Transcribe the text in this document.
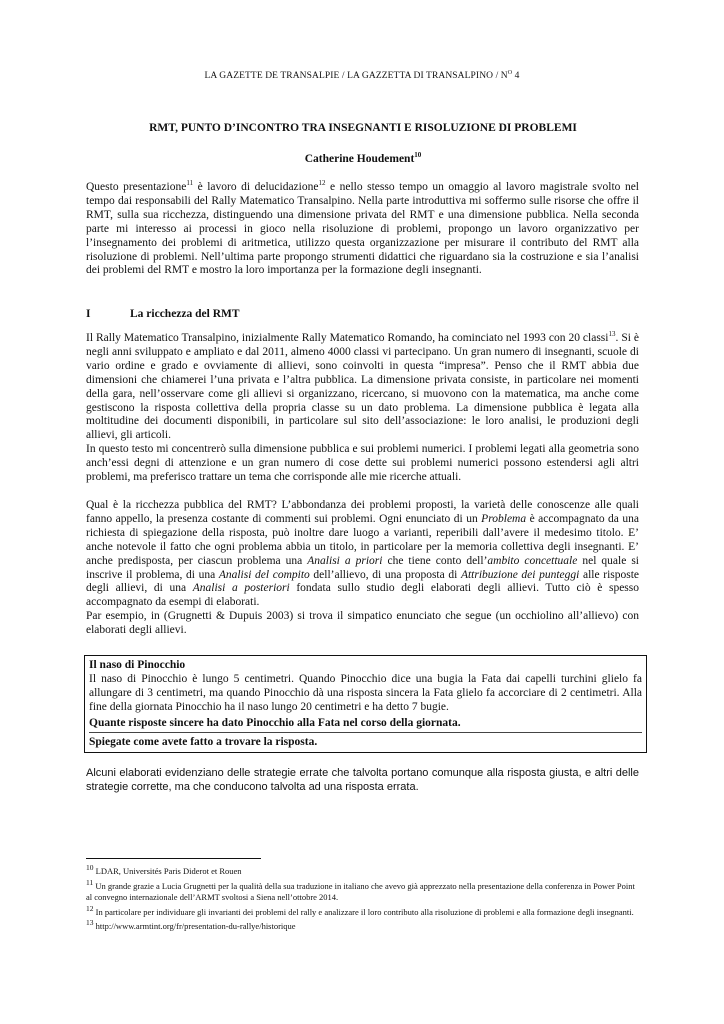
LA GAZETTE DE TRANSALPIE / LA GAZZETTA DI TRANSALPINO / $N^O$ 4
RMT, PUNTO D’INCONTRO TRA INSEGNANTI E RISOLUZIONE DI PROBLEMI
Catherine Houdement$^{10}$

Questo presentazione$^{11}$ è lavoro di delucidazione$^{12}$ e nello stesso tempo un omaggio al lavoro magistrale svolto nel tempo dai responsabili del Rally Matematico Transalpino. Nella parte introduttiva mi soffermo sulle risorse che offre il RMT, sulla sua ricchezza, distinguendo una dimensione privata del RMT e una dimensione pubblica. Nella seconda parte mi interesso ai processi in gioco nella risoluzione di problemi, propongo un lavoro organizzativo per l’insegnamento dei problemi di aritmetica, utilizzo questa organizzazione per misurare il contributo del RMT alla risoluzione di problemi. Nell’ultima parte propongo strumenti didattici che riguardano sia la costruzione e sia l’analisi dei problemi del RMT e mostro la loro importanza per la formazione degli insegnanti.

I	La ricchezza del RMT

Il Rally Matematico Transalpino, inizialmente Rally Matematico Romando, ha cominciato nel 1993 con 20 classi$^{13}$. Si è negli anni sviluppato e ampliato e dal 2011, almeno 4000 classi vi partecipano. Un gran numero di insegnanti, scuole di vario ordine e grado e ovviamente di allievi, sono coinvolti in questa “impresa”. Penso che il RMT abbia due dimensioni che chiamerei l’una privata e l’altra pubblica. La dimensione privata consiste, in particolare nei momenti della gara, nell’osservare come gli allievi si organizzano, ricercano, si muovono con la matematica, ma anche come gestiscono la risposta collettiva della propria classe su un dato problema. La dimensione pubblica è legata alla moltitudine dei documenti disponibili, in particolare sul sito dell’associazione: le loro analisi, le produzioni degli allievi, gli articoli.

In questo testo mi concentrerò sulla dimensione pubblica e sui problemi numerici. I problemi legati alla geometria sono anch’essi degni di attenzione e un gran numero di cose dette sui problemi numerici possono estendersi agli altri problemi, ma preferisco trattare un tema che corrisponde alle mie ricerche attuali.

Qual è la ricchezza pubblica del RMT? L’abbondanza dei problemi proposti, la varietà delle conoscenze alle quali fanno appello, la presenza costante di commenti sui problemi. Ogni enunciato di un Problema è accompagnato da una richiesta di spiegazione della risposta, può inoltre dare luogo a varianti, reperibili dall’avere il medesimo titolo. E’ anche notevole il fatto che ogni problema abbia un titolo, in particolare per la memoria collettiva degli insegnanti. E’ anche predisposta, per ciascun problema una Analisi a priori che tiene conto dell’ambito concettuale nel quale si inscrive il problema, di una Analisi del compito dell’allievo, di una proposta di Attribuzione dei punteggi alle risposte degli allievi, di una Analisi a posteriori fondata sullo studio degli elaborati degli allievi. Tutto ciò è spesso accompagnato da esempi di elaborati.

Par esempio, in (Grugnetti & Dupuis 2003) si trova il simpatico enunciato che segue (un occhiolino all’allievo) con elaborati degli allievi.

Il naso di Pinocchio

Il naso di Pinocchio è lungo 5 centimetri. Quando Pinocchio dice una bugia la Fata dai capelli turchini glielo fa allungare di 3 centimetri, ma quando Pinocchio dà una risposta sincera la Fata glielo fa accorciare di 2 centimetri. Alla fine della giornata Pinocchio ha il naso lungo 20 centimetri e ha detto 7 bugie.

Quante risposte sincere ha dato Pinocchio alla Fata nel corso della giornata.

Spiegate come avete fatto a trovare la risposta.

Alcuni elaborati evidenziano delle strategie errate che talvolta portano comunque alla risposta giusta, e altri delle strategie corrette, ma che conducono talvolta ad una risposta errata.

$^{10}$ LDAR, Universités Paris Diderot et Rouen

$^{11}$ Un grande grazie a Lucia Grugnetti per la qualità della sua traduzione in italiano che avevo già apprezzato nella presentazione della conferenza in Power Point al convegno internazionale dell’ARMT svoltosi a Siena nell’ottobre 2014.

$^{12}$ In particolare per individuare gli invarianti dei problemi del rally e analizzare il loro contributo alla risoluzione di problemi e alla formazione degli insegnanti.

$^{13}$ http://www.armtint.org/fr/presentation-du-rallye/historique
